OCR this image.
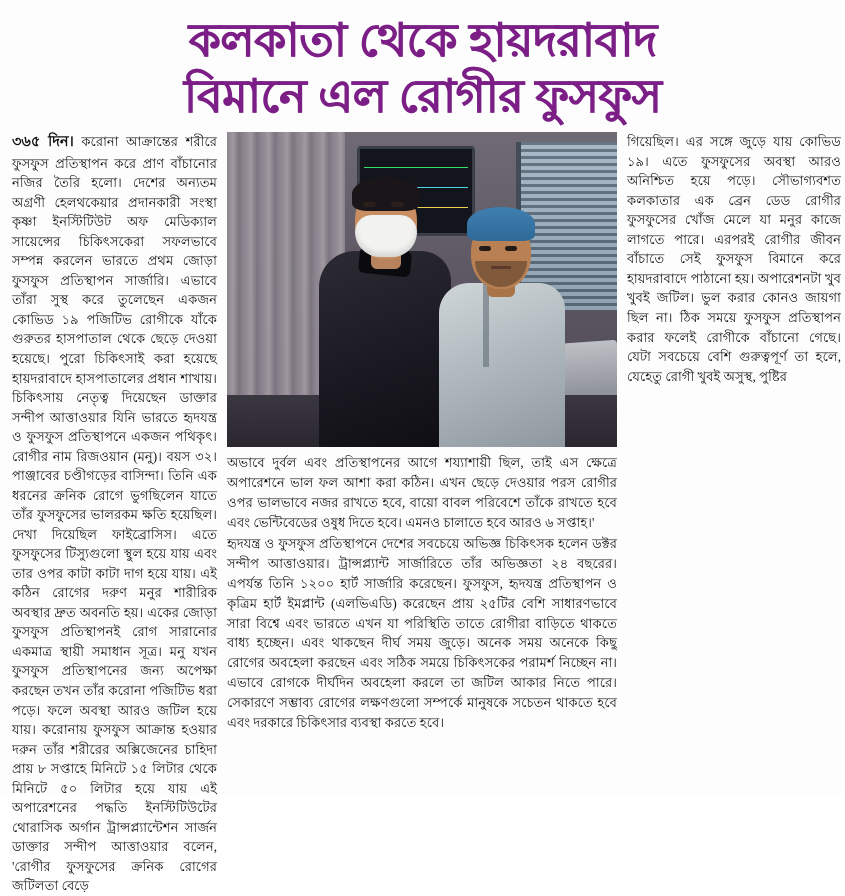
কলকাতা থেকে হায়দরাবাদ
বিমানে এল রোগীর ফুসফুস

৩৬৫ দিন। করোনা আক্রান্তের শরীরে ফুসফুস প্রতিস্থাপন করে প্রাণ বাঁচানোর নজির তৈরি হলো। দেশের অন্যতম অগ্রণী হেলথকেয়ার প্রদানকারী সংস্থা কৃষ্ণা ইনস্টিটিউট অফ মেডিক্যাল সায়েন্সের চিকিৎসকেরা সফলভাবে সম্পন্ন করলেন ভারতে প্রথম জোড়া ফুসফুস প্রতিস্থাপন সার্জারি। এভাবে তাঁরা সুস্থ করে তুলেছেন একজন কোভিড ১৯ পজিটিভ রোগীকে যাঁকে গুরুতর হাসপাতাল থেকে ছেড়ে দেওয়া হয়েছে। পুরো চিকিৎসাই করা হয়েছে হায়দরাবাদে হাসপাতালের প্রধান শাখায়। চিকিৎসায় নেতৃত্ব দিয়েছেন ডাক্তার সন্দীপ আত্তাওয়ার যিনি ভারতে হৃদযন্ত্র ও ফুসফুস প্রতিস্থাপনে একজন পথিকৃৎ। রোগীর নাম রিজওয়ান (মনু)। বয়স ৩২। পাঞ্জাবের চণ্ডীগড়ের বাসিন্দা। তিনি এক ধরনের ক্রনিক রোগে ভুগছিলেন যাতে তাঁর ফুসফুসের ভালরকম ক্ষতি হয়েছিল। দেখা দিয়েছিল ফাইব্রোসিস। এতে ফুসফুসের টিস্যুগুলো স্থুল হয়ে যায় এবং তার ওপর কাটা কাটা দাগ হয়ে যায়। এই কঠিন রোগের দরুণ মনুর শারীরিক অবস্থার দ্রুত অবনতি হয়। একের জোড়া ফুসফুস প্রতিস্থাপনই রোগ সারানোর একমাত্র স্থায়ী সমাধান সূত্র। মনু যখন ফুসফুস প্রতিস্থাপনের জন্য অপেক্ষা করছেন তখন তাঁর করোনা পজিটিভ ধরা পড়ে। ফলে অবস্থা আরও জটিল হয়ে যায়। করোনায় ফুসফুস আক্রান্ত হওয়ার দরুন তাঁর শরীরের অক্সিজেনের চাহিদা প্রায় ৮ সপ্তাহে মিনিটে ১৫ লিটার থেকে মিনিটে ৫০ লিটার হয়ে যায় এই অপারেশনের পদ্ধতি ইনস্টিটিউটের থোরাসিক অর্গান ট্রান্সপ্ল্যান্টেশন সার্জন ডাক্তার সন্দীপ আত্তাওয়ার বলেন, 'রোগীর ফুসফুসের ক্রনিক রোগের জটিলতা বেড়ে

অভাবে দুর্বল এবং প্রতিস্থাপনের আগে শয্যাশায়ী ছিল, তাই এস ক্ষেত্রে অপারেশনে ভাল ফল আশা করা কঠিন। এখন ছেড়ে দেওয়ার পরস রোগীর ওপর ভালভাবে নজর রাখতে হবে, বায়ো বাবল পরিবেশে তাঁকে রাখতে হবে এবং ভেন্টিবেডের ওষুধ দিতে হবে। এমনও চালাতে হবে আরও ৬ সপ্তাহ।'

হৃদযন্ত্র ও ফুসফুস প্রতিস্থাপনে দেশের সবচেয়ে অভিজ্ঞ চিকিৎসক হলেন ডক্টর সন্দীপ আত্তাওয়ার। ট্রান্সপ্ল্যান্ট সার্জারিতে তাঁর অভিজ্ঞতা ২৪ বছরের। এপর্যন্ত তিনি ১২০০ হার্ট সার্জারি করেছেন। ফুসফুস, হৃদযন্ত্র প্রতিস্থাপন ও কৃত্রিম হার্ট ইমপ্লান্ট (এলভিএডি) করেছেন প্রায় ২৫টির বেশি সাধারণভাবে সারা বিশ্বে এবং ভারতে এখন যা পরিস্থিতি তাতে রোগীরা বাড়িতে থাকতে বাধ্য হচ্ছেন। এবং থাকছেন দীর্ঘ সময় জুড়ে। অনেক সময় অনেকে কিছু রোগের অবহেলা করছেন এবং সঠিক সময়ে চিকিৎসকের পরামর্শ নিচ্ছেন না। এভাবে রোগকে দীর্ঘদিন অবহেলা করলে তা জটিল আকার নিতে পারে। সেকারণে সম্ভাব্য রোগের লক্ষণগুলো সম্পর্কে মানুষকে সচেতন থাকতে হবে এবং দরকারে চিকিৎসার ব্যবস্থা করতে হবে।

গিয়েছিল। এর সঙ্গে জুড়ে যায় কোভিড ১৯। এতে ফুসফুসের অবস্থা আরও অনিশ্চিত হয়ে পড়ে। সৌভাগ্যবশত কলকাতার এক ব্রেন ডেড রোগীর ফুসফুসের খোঁজ মেলে যা মনুর কাজে লাগতে পারে। এরপরই রোগীর জীবন বাঁচাতে সেই ফুসফুস বিমানে করে হায়দরাবাদে পাঠানো হয়। অপারেশনটা খুব খুবই জটিল। ভুল করার কোনও জায়গা ছিল না। ঠিক সময়ে ফুসফুস প্রতিস্থাপন করার ফলেই রোগীকে বাঁচানো গেছে। যেটা সবচেয়ে বেশি গুরুত্বপূর্ণ তা হলে, যেহেতু রোগী খুবই অসুস্থ, পুষ্টির
